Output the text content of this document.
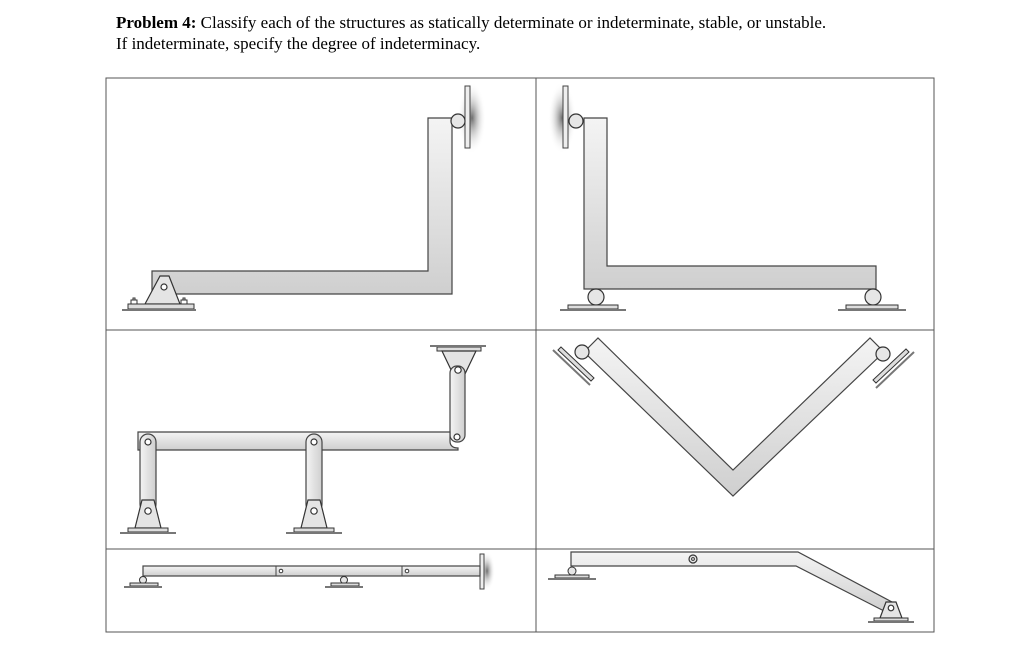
Problem 4: Classify each of the structures as statically determinate or indeterminate, stable, or unstable.
If indeterminate, specify the degree of indeterminacy.
